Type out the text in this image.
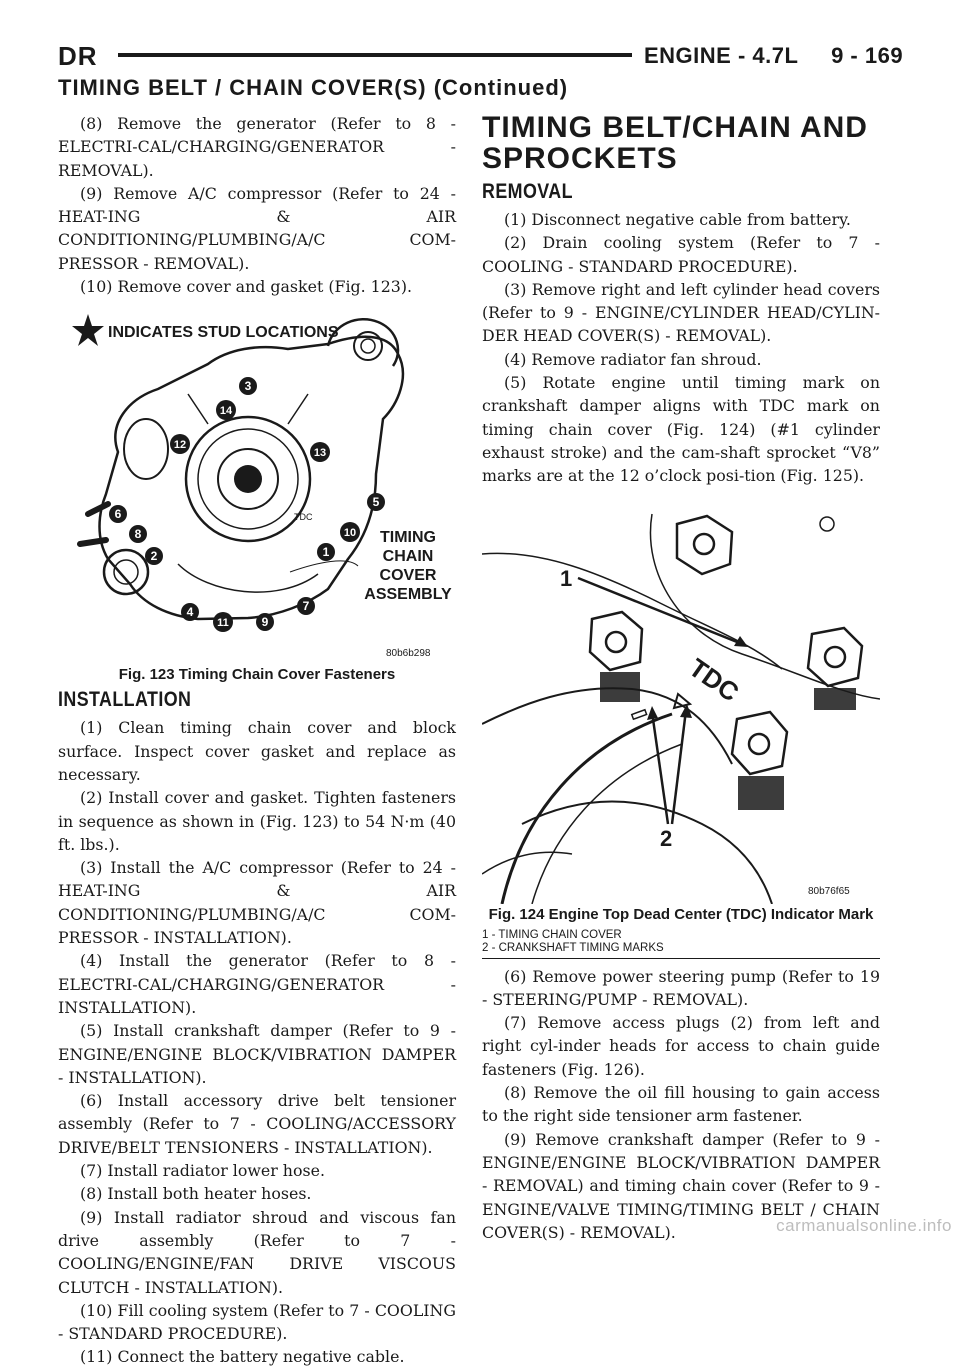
DR	ENGINE - 4.7L     9 - 169
TIMING BELT / CHAIN COVER(S) (Continued)

(8) Remove the generator (Refer to 8 - ELECTRI-CAL/CHARGING/GENERATOR - REMOVAL).

(9) Remove A/C compressor (Refer to 24 - HEAT-ING & AIR CONDITIONING/PLUMBING/A/C COM-PRESSOR - REMOVAL).

(10) Remove cover and gasket (Fig. 123).

INDICATES STUD LOCATIONS
1
2
3
4
5
6
7
8
9
10
11
12
13
14
TDC
TIMING
CHAIN
COVER
ASSEMBLY
80b6b298
Fig. 123 Timing Chain Cover Fasteners
INSTALLATION

(1) Clean timing chain cover and block surface. Inspect cover gasket and replace as necessary.

(2) Install cover and gasket. Tighten fasteners in sequence as shown in (Fig. 123) to 54 N·m (40 ft. lbs.).

(3) Install the A/C compressor (Refer to 24 - HEAT-ING & AIR CONDITIONING/PLUMBING/A/C COM-PRESSOR - INSTALLATION).

(4) Install the generator (Refer to 8 - ELECTRI-CAL/CHARGING/GENERATOR - INSTALLATION).

(5) Install crankshaft damper (Refer to 9 - ENGINE/ENGINE BLOCK/VIBRATION DAMPER - INSTALLATION).

(6) Install accessory drive belt tensioner assembly (Refer to 7 - COOLING/ACCESSORY DRIVE/BELT TENSIONERS - INSTALLATION).

(7) Install radiator lower hose.

(8) Install both heater hoses.

(9) Install radiator shroud and viscous fan drive assembly (Refer to 7 - COOLING/ENGINE/FAN DRIVE VISCOUS CLUTCH - INSTALLATION).

(10) Fill cooling system (Refer to 7 - COOLING - STANDARD PROCEDURE).

(11) Connect the battery negative cable.

TIMING BELT/CHAIN AND SPROCKETS
REMOVAL

(1) Disconnect negative cable from battery.

(2) Drain cooling system (Refer to 7 - COOLING - STANDARD PROCEDURE).

(3) Remove right and left cylinder head covers (Refer to 9 - ENGINE/CYLINDER HEAD/CYLIN-DER HEAD COVER(S) - REMOVAL).

(4) Remove radiator fan shroud.

(5) Rotate engine until timing mark on crankshaft damper aligns with TDC mark on timing chain cover (Fig. 124) (#1 cylinder exhaust stroke) and the cam-shaft sprocket “V8” marks are at the 12 o’clock posi-tion (Fig. 125).

TDC
1
2
80b76f65
Fig. 124 Engine Top Dead Center (TDC) Indicator Mark
1 - TIMING CHAIN COVER
2 - CRANKSHAFT TIMING MARKS

(6) Remove power steering pump (Refer to 19 - STEERING/PUMP - REMOVAL).

(7) Remove access plugs (2) from left and right cyl-inder heads for access to chain guide fasteners (Fig. 126).

(8) Remove the oil fill housing to gain access to the right side tensioner arm fastener.

(9) Remove crankshaft damper (Refer to 9 - ENGINE/ENGINE BLOCK/VIBRATION DAMPER - REMOVAL) and timing chain cover (Refer to 9 - ENGINE/VALVE TIMING/TIMING BELT / CHAIN COVER(S) - REMOVAL).	carmanualsonline.info
